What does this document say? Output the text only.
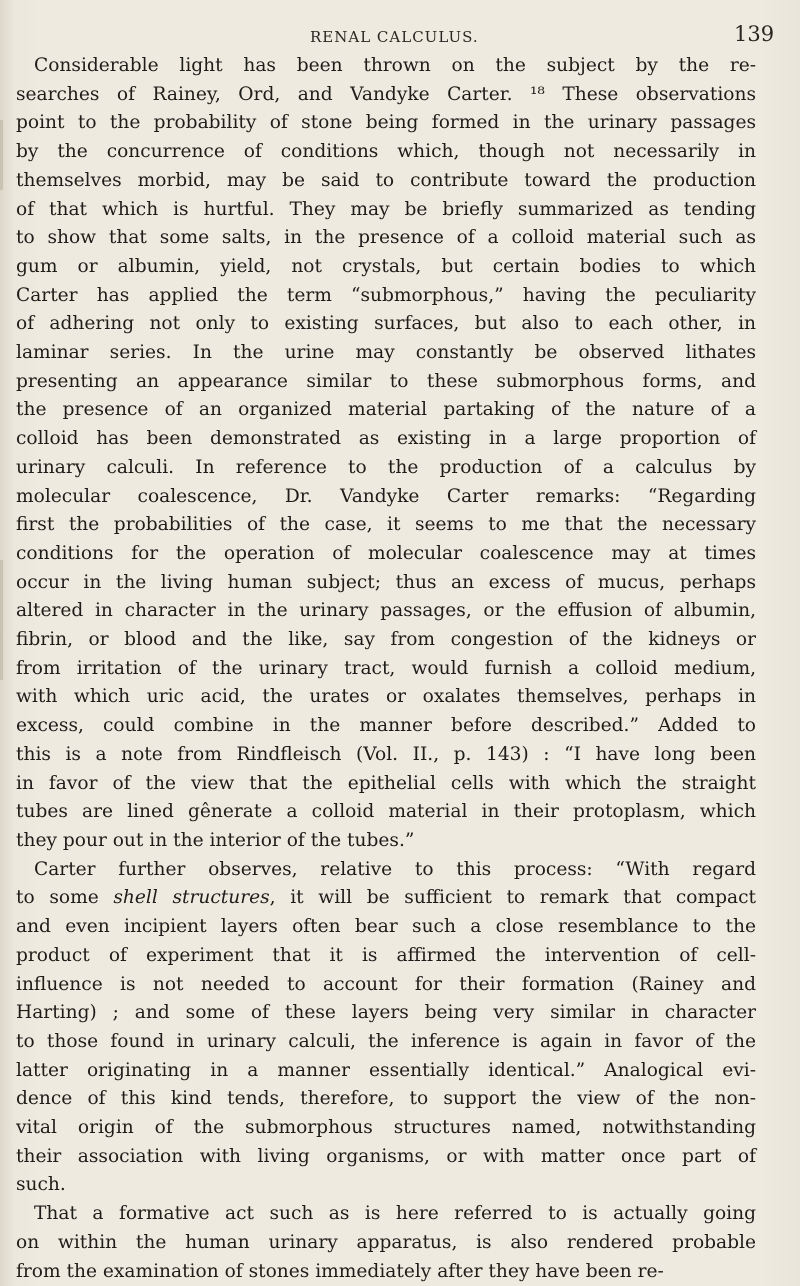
RENAL CALCULUS.	139
Considerable light has been thrown on the subject by the re-
searches of Rainey, Ord, and Vandyke Carter. ¹⁸ These observations
point to the probability of stone being formed in the urinary passages
by the concurrence of conditions which, though not necessarily in
themselves morbid, may be said to contribute toward the production
of that which is hurtful. They may be briefly summarized as tending
to show that some salts, in the presence of a colloid material such as
gum or albumin, yield, not crystals, but certain bodies to which
Carter has applied the term “submorphous,” having the peculiarity
of adhering not only to existing surfaces, but also to each other, in
laminar series. In the urine may constantly be observed lithates
presenting an appearance similar to these submorphous forms, and
the presence of an organized material partaking of the nature of a
colloid has been demonstrated as existing in a large proportion of
urinary calculi. In reference to the production of a calculus by
molecular coalescence, Dr. Vandyke Carter remarks: “Regarding
first the probabilities of the case, it seems to me that the necessary
conditions for the operation of molecular coalescence may at times
occur in the living human subject; thus an excess of mucus, perhaps
altered in character in the urinary passages, or the effusion of albumin,
fibrin, or blood and the like, say from congestion of the kidneys or
from irritation of the urinary tract, would furnish a colloid medium,
with which uric acid, the urates or oxalates themselves, perhaps in
excess, could combine in the manner before described.” Added to
this is a note from Rindfleisch (Vol. II., p. 143) : “I have long been
in favor of the view that the epithelial cells with which the straight
tubes are lined gênerate a colloid material in their protoplasm, which
they pour out in the interior of the tubes.”
Carter further observes, relative to this process: “With regard
to some shell structures, it will be sufficient to remark that compact
and even incipient layers often bear such a close resemblance to the
product of experiment that it is affirmed the intervention of cell-
influence is not needed to account for their formation (Rainey and
Harting) ; and some of these layers being very similar in character
to those found in urinary calculi, the inference is again in favor of the
latter originating in a manner essentially identical.” Analogical evi-
dence of this kind tends, therefore, to support the view of the non-
vital origin of the submorphous structures named, notwithstanding
their association with living organisms, or with matter once part of
such.
That a formative act such as is here referred to is actually going
on within the human urinary apparatus, is also rendered probable
from the examination of stones immediately after they have been re-
